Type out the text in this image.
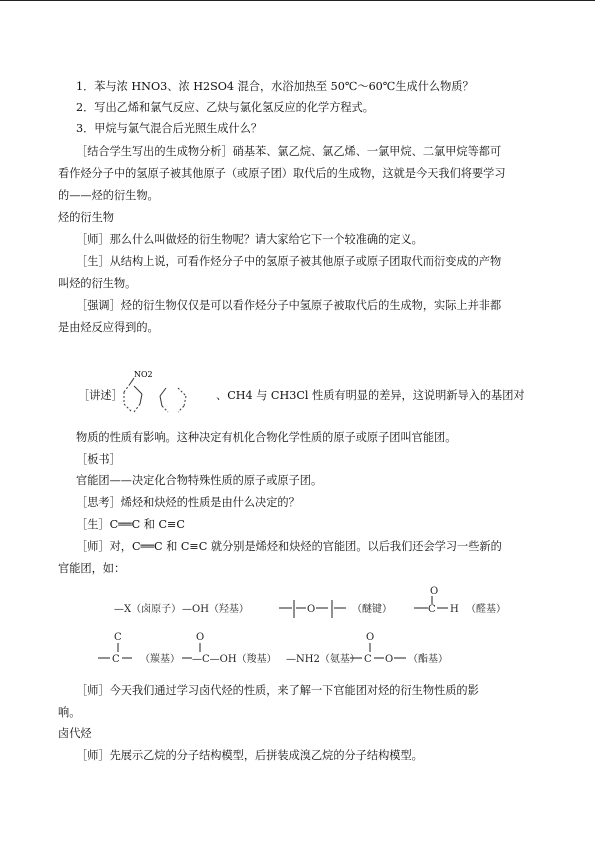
1．苯与浓 HNO3、浓 H2SO4 混合，水浴加热至 50℃～60℃生成什么物质？
2．写出乙烯和氯气反应、乙炔与氯化氢反应的化学方程式。
3．甲烷与氯气混合后光照生成什么？
［结合学生写出的生成物分析］硝基苯、氯乙烷、氯乙烯、一氯甲烷、二氯甲烷等都可
看作烃分子中的氢原子被其他原子（或原子团）取代后的生成物，这就是今天我们将要学习
的——烃的衍生物。
烃的衍生物
［师］那么什么叫做烃的衍生物呢？请大家给它下一个较准确的定义。
［生］从结构上说，可看作烃分子中的氢原子被其他原子或原子团取代而衍变成的产物
叫烃的衍生物。
［强调］烃的衍生物仅仅是可以看作烃分子中氢原子被取代后的生成物，实际上并非都
是由烃反应得到的。
NO2
［讲述］	、CH4 与 CH3Cl 性质有明显的差异，这说明新导入的基团对
物质的性质有影响。这种决定有机化合物化学性质的原子或原子团叫官能团。
［板书］
官能团——决定化合物特殊性质的原子或原子团。
［思考］烯烃和炔烃的性质是由什么决定的？
［生］C══C 和 C≡C
［师］对，C══C 和 C≡C 就分别是烯烃和炔烃的官能团。以后我们还会学习一些新的
官能团，如：
—X（卤原子） —OH（羟基）	O	（醚键）
O
C H （醛基）
C
C （羰基）
O
—C—OH（羧基） —NH2（氨基）
O
C O （酯基）
［师］今天我们通过学习卤代烃的性质，来了解一下官能团对烃的衍生物性质的影
响。
卤代烃
［师］先展示乙烷的分子结构模型，后拼装成溴乙烷的分子结构模型。
